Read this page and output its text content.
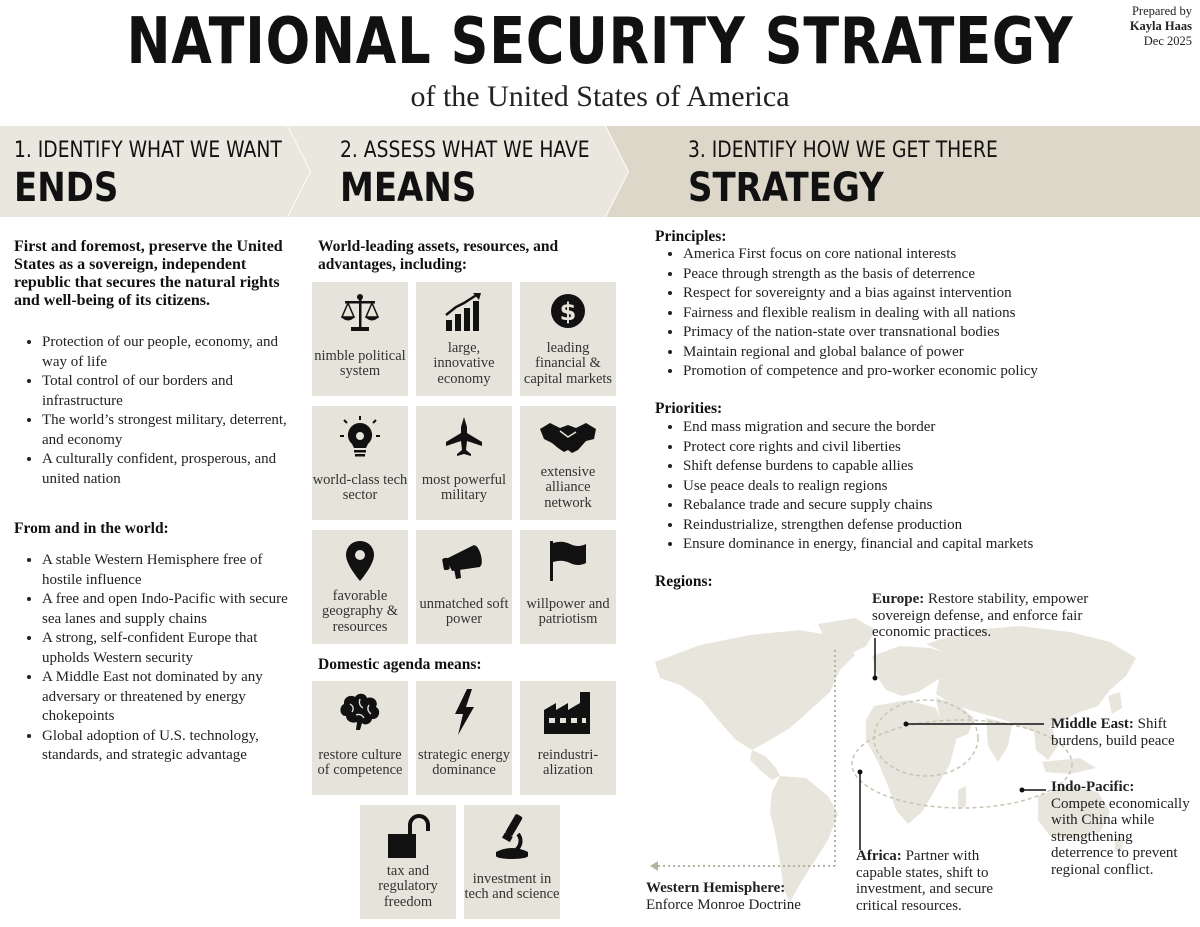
NATIONAL SECURITY STRATEGY
of the United States of America
Prepared by
Kayla Haas
Dec 2025
1. IDENTIFY WHAT WE WANT
ENDS
2. ASSESS WHAT WE HAVE
MEANS
3. IDENTIFY HOW WE GET THERE
STRATEGY
First and foremost, preserve the United States as a sovereign, independent republic that secures the natural rights and well-being of its citizens.
• Protection of our people, economy, and way of life
• Total control of our borders and infrastructure
• The world’s strongest military, deterrent, and economy
• A culturally confident, prosperous, and united nation
From and in the world:
• A stable Western Hemisphere free of hostile influence
• A free and open Indo-Pacific with secure sea lanes and supply chains
• A strong, self-confident Europe that upholds Western security
• A Middle East not dominated by any adversary or threatened by energy chokepoints
• Global adoption of U.S. technology, standards, and strategic advantage
World-leading assets, resources, and advantages, including:
nimble political system
large, innovative economy
$
leading financial & capital markets
world-class tech sector
most powerful military
extensive alliance network
favorable geography & resources
unmatched soft power
willpower and patriotism
Domestic agenda means:
restore culture of competence
strategic energy dominance
reindustri-alization
tax and regulatory freedom
investment in tech and science
Principles:
• America First focus on core national interests
• Peace through strength as the basis of deterrence
• Respect for sovereignty and a bias against intervention
• Fairness and flexible realism in dealing with all nations
• Primacy of the nation-state over transnational bodies
• Maintain regional and global balance of power
• Promotion of competence and pro-worker economic policy
Priorities:
• End mass migration and secure the border
• Protect core rights and civil liberties
• Shift defense burdens to capable allies
• Use peace deals to realign regions
• Rebalance trade and secure supply chains
• Reindustrialize, strengthen defense production
• Ensure dominance in energy, financial and capital markets
Regions:
Europe: Restore stability, empower sovereign defense, and enforce fair economic practices.
Middle East: Shift burdens, build peace
Indo-Pacific:
Compete economically with China while strengthening deterrence to prevent regional conflict.
Africa: Partner with capable states, shift to investment, and secure critical resources.
Western Hemisphere:
Enforce Monroe Doctrine
